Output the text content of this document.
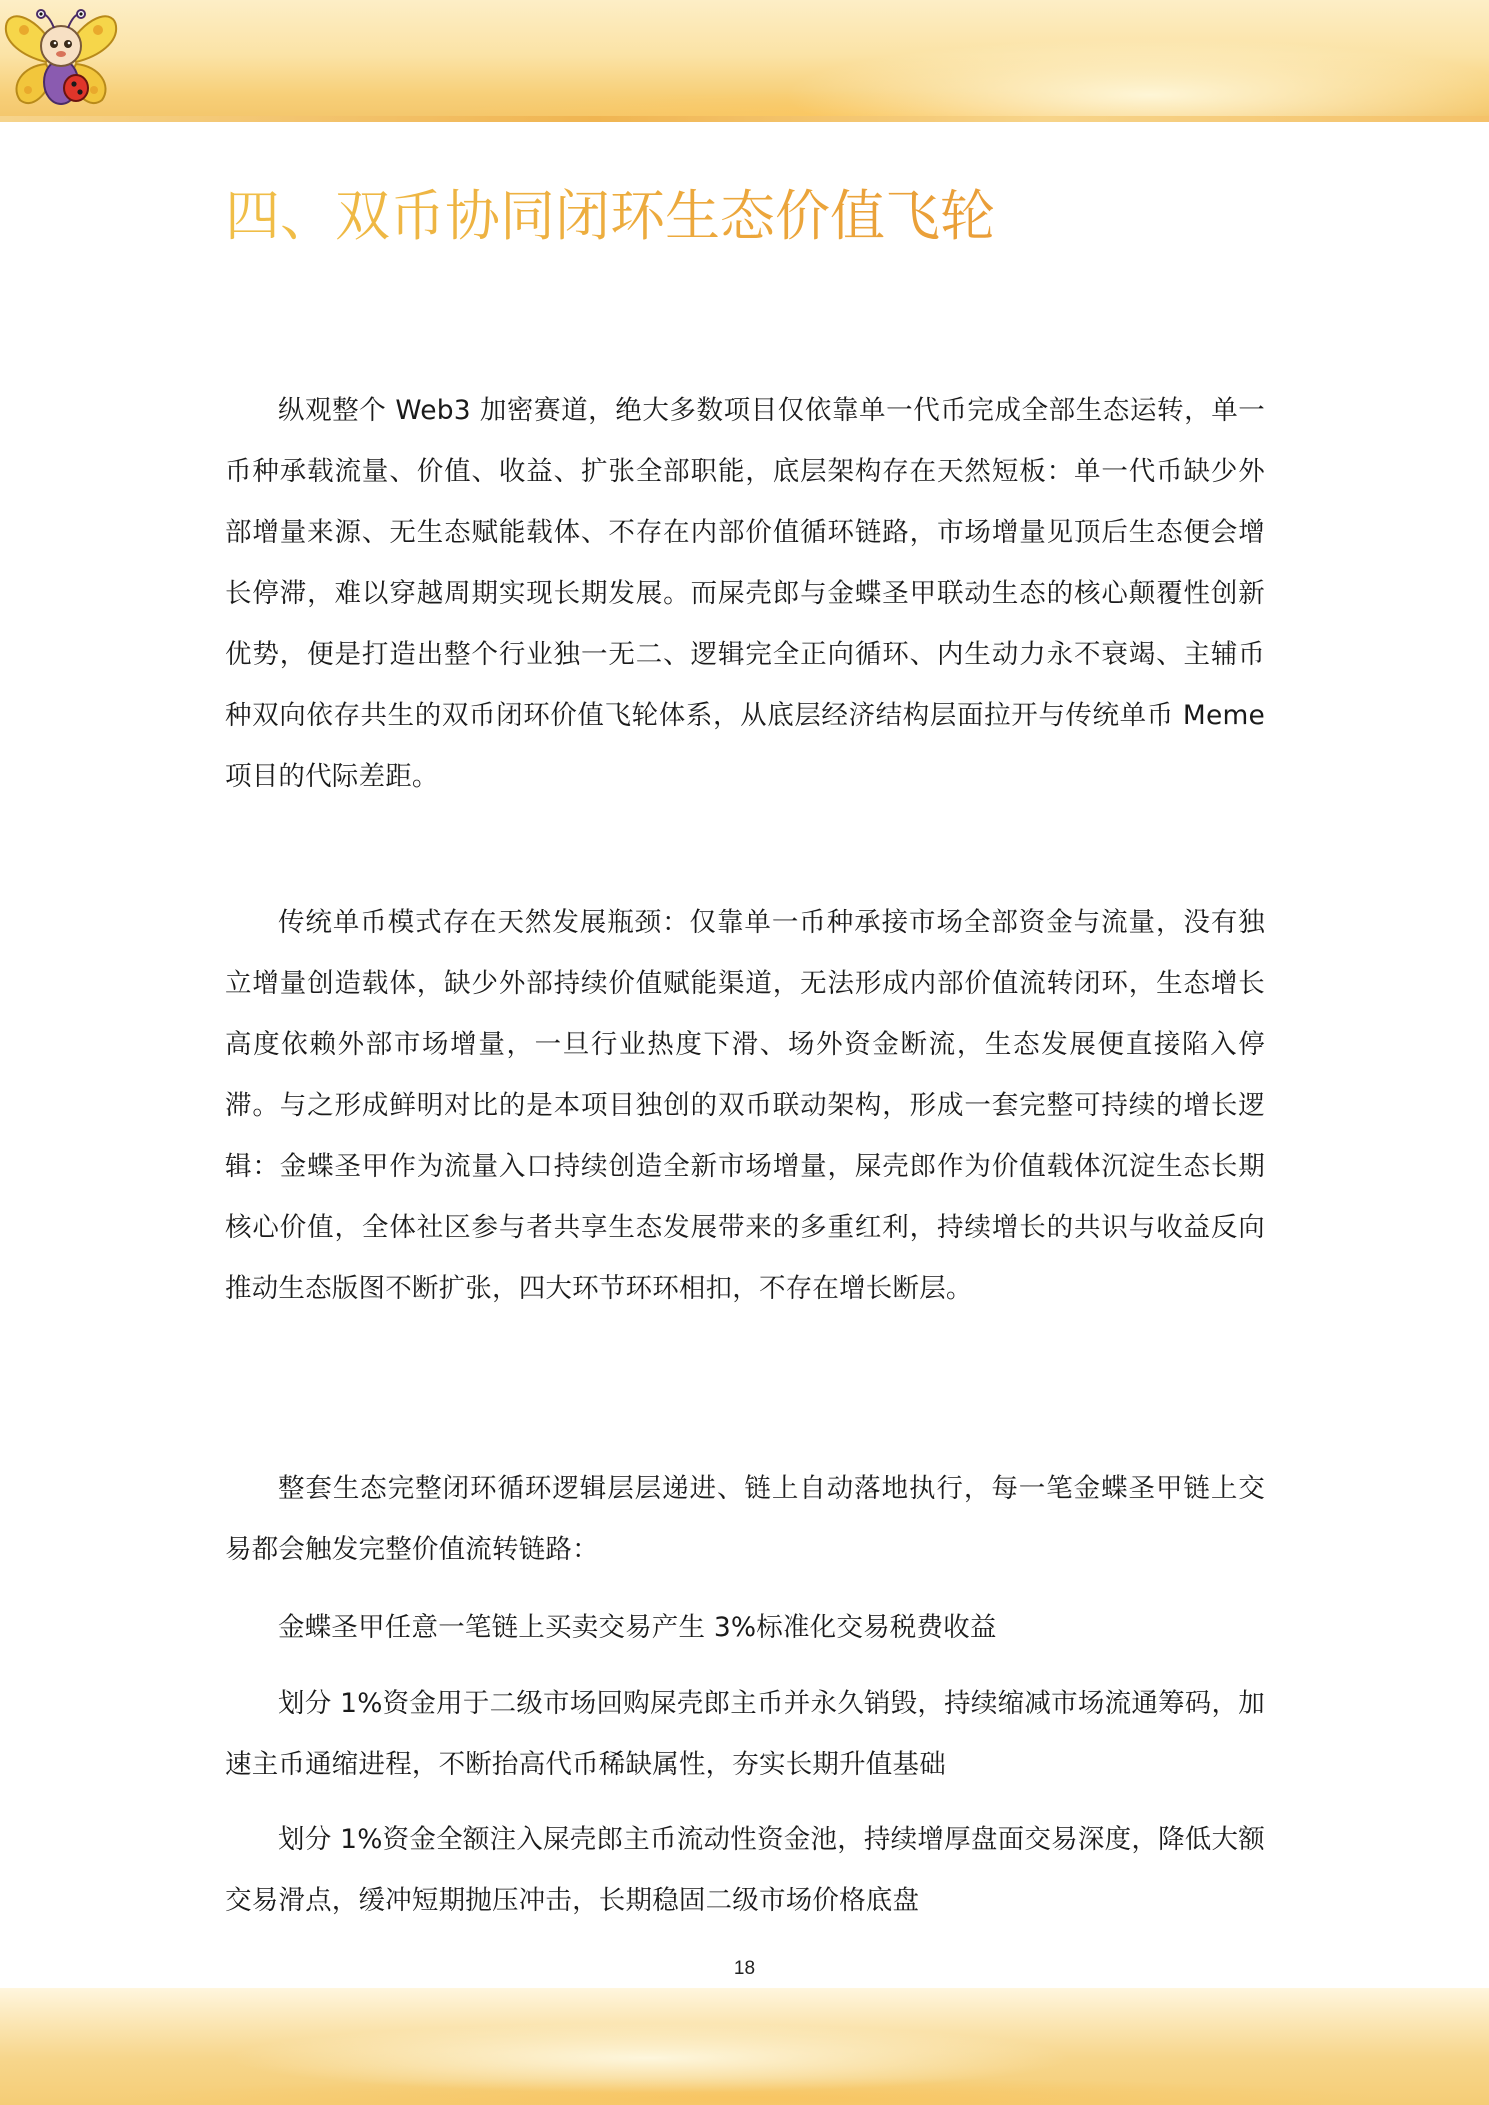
四、双币协同闭环生态价值飞轮

纵观整个 Web3 加密赛道，绝大多数项目仅依靠单一代币完成全部生态运转，单一币种承载流量、价值、收益、扩张全部职能，底层架构存在天然短板：单一代币缺少外部增量来源、无生态赋能载体、不存在内部价值循环链路，市场增量见顶后生态便会增长停滞，难以穿越周期实现长期发展。而屎壳郎与金蝶圣甲联动生态的核心颠覆性创新优势，便是打造出整个行业独一无二、逻辑完全正向循环、内生动力永不衰竭、主辅币种双向依存共生的双币闭环价值飞轮体系，从底层经济结构层面拉开与传统单币 Meme 项目的代际差距。

传统单币模式存在天然发展瓶颈：仅靠单一币种承接市场全部资金与流量，没有独立增量创造载体，缺少外部持续价值赋能渠道，无法形成内部价值流转闭环，生态增长高度依赖外部市场增量，一旦行业热度下滑、场外资金断流，生态发展便直接陷入停滞。与之形成鲜明对比的是本项目独创的双币联动架构，形成一套完整可持续的增长逻辑：金蝶圣甲作为流量入口持续创造全新市场增量，屎壳郎作为价值载体沉淀生态长期核心价值，全体社区参与者共享生态发展带来的多重红利，持续增长的共识与收益反向推动生态版图不断扩张，四大环节环环相扣，不存在增长断层。

整套生态完整闭环循环逻辑层层递进、链上自动落地执行，每一笔金蝶圣甲链上交易都会触发完整价值流转链路：

金蝶圣甲任意一笔链上买卖交易产生 3%标准化交易税费收益

划分 1%资金用于二级市场回购屎壳郎主币并永久销毁，持续缩减市场流通筹码，加速主币通缩进程，不断抬高代币稀缺属性，夯实长期升值基础

划分 1%资金全额注入屎壳郎主币流动性资金池，持续增厚盘面交易深度，降低大额交易滑点，缓冲短期抛压冲击，长期稳固二级市场价格底盘

18
